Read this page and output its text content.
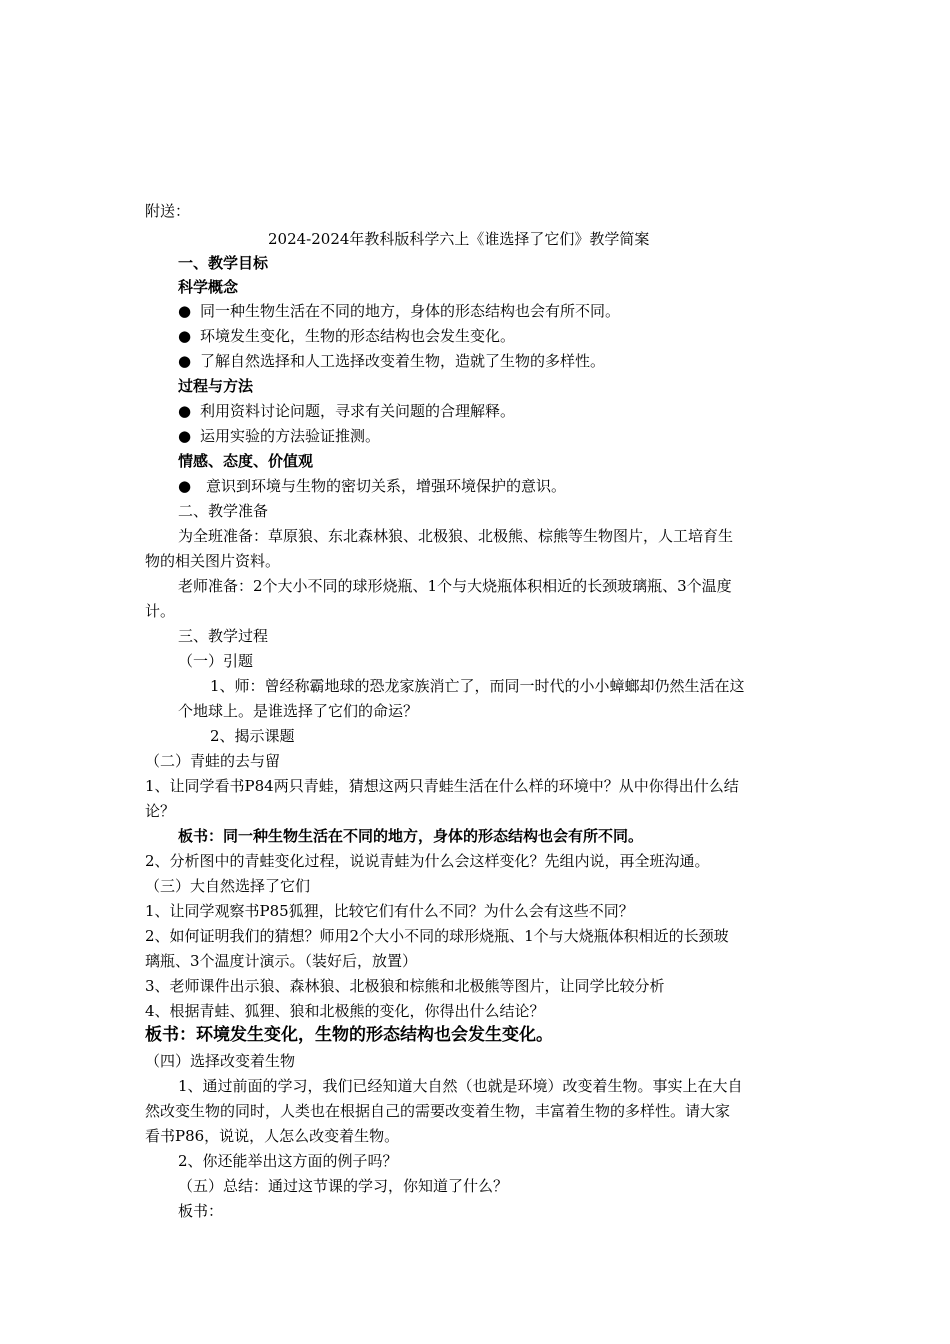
附送：
2024-2024年教科版科学六上《谁选择了它们》教学简案
一、教学目标
科学概念
● 同一种生物生活在不同的地方，身体的形态结构也会有所不同。
● 环境发生变化，生物的形态结构也会发生变化。
● 了解自然选择和人工选择改变着生物，造就了生物的多样性。
过程与方法
● 利用资料讨论问题，寻求有关问题的合理解释。
● 运用实验的方法验证推测。
情感、态度、价值观
● 意识到环境与生物的密切关系，增强环境保护的意识。
二、教学准备
为全班准备：草原狼、东北森林狼、北极狼、北极熊、棕熊等生物图片，人工培育生
物的相关图片资料。
老师准备：2个大小不同的球形烧瓶、1个与大烧瓶体积相近的长颈玻璃瓶、3个温度
计。
三、教学过程
（一）引题
1、师：曾经称霸地球的恐龙家族消亡了，而同一时代的小小蟑螂却仍然生活在这
个地球上。是谁选择了它们的命运？
2、揭示课题
（二）青蛙的去与留
1、让同学看书P84两只青蛙，猜想这两只青蛙生活在什么样的环境中？从中你得出什么结
论？
板书：同一种生物生活在不同的地方，身体的形态结构也会有所不同。
2、分析图中的青蛙变化过程，说说青蛙为什么会这样变化？先组内说，再全班沟通。
（三）大自然选择了它们
1、让同学观察书P85狐狸，比较它们有什么不同？为什么会有这些不同？
2、如何证明我们的猜想？师用2个大小不同的球形烧瓶、1个与大烧瓶体积相近的长颈玻
璃瓶、3个温度计演示。（装好后，放置）
3、老师课件出示狼、森林狼、北极狼和棕熊和北极熊等图片，让同学比较分析
4、根据青蛙、狐狸、狼和北极熊的变化，你得出什么结论？
板书：环境发生变化，生物的形态结构也会发生变化。
（四）选择改变着生物
1、通过前面的学习，我们已经知道大自然（也就是环境）改变着生物。事实上在大自
然改变生物的同时，人类也在根据自己的需要改变着生物，丰富着生物的多样性。请大家
看书P86，说说，人怎么改变着生物。
2、你还能举出这方面的例子吗？
（五）总结：通过这节课的学习，你知道了什么？
板书：
